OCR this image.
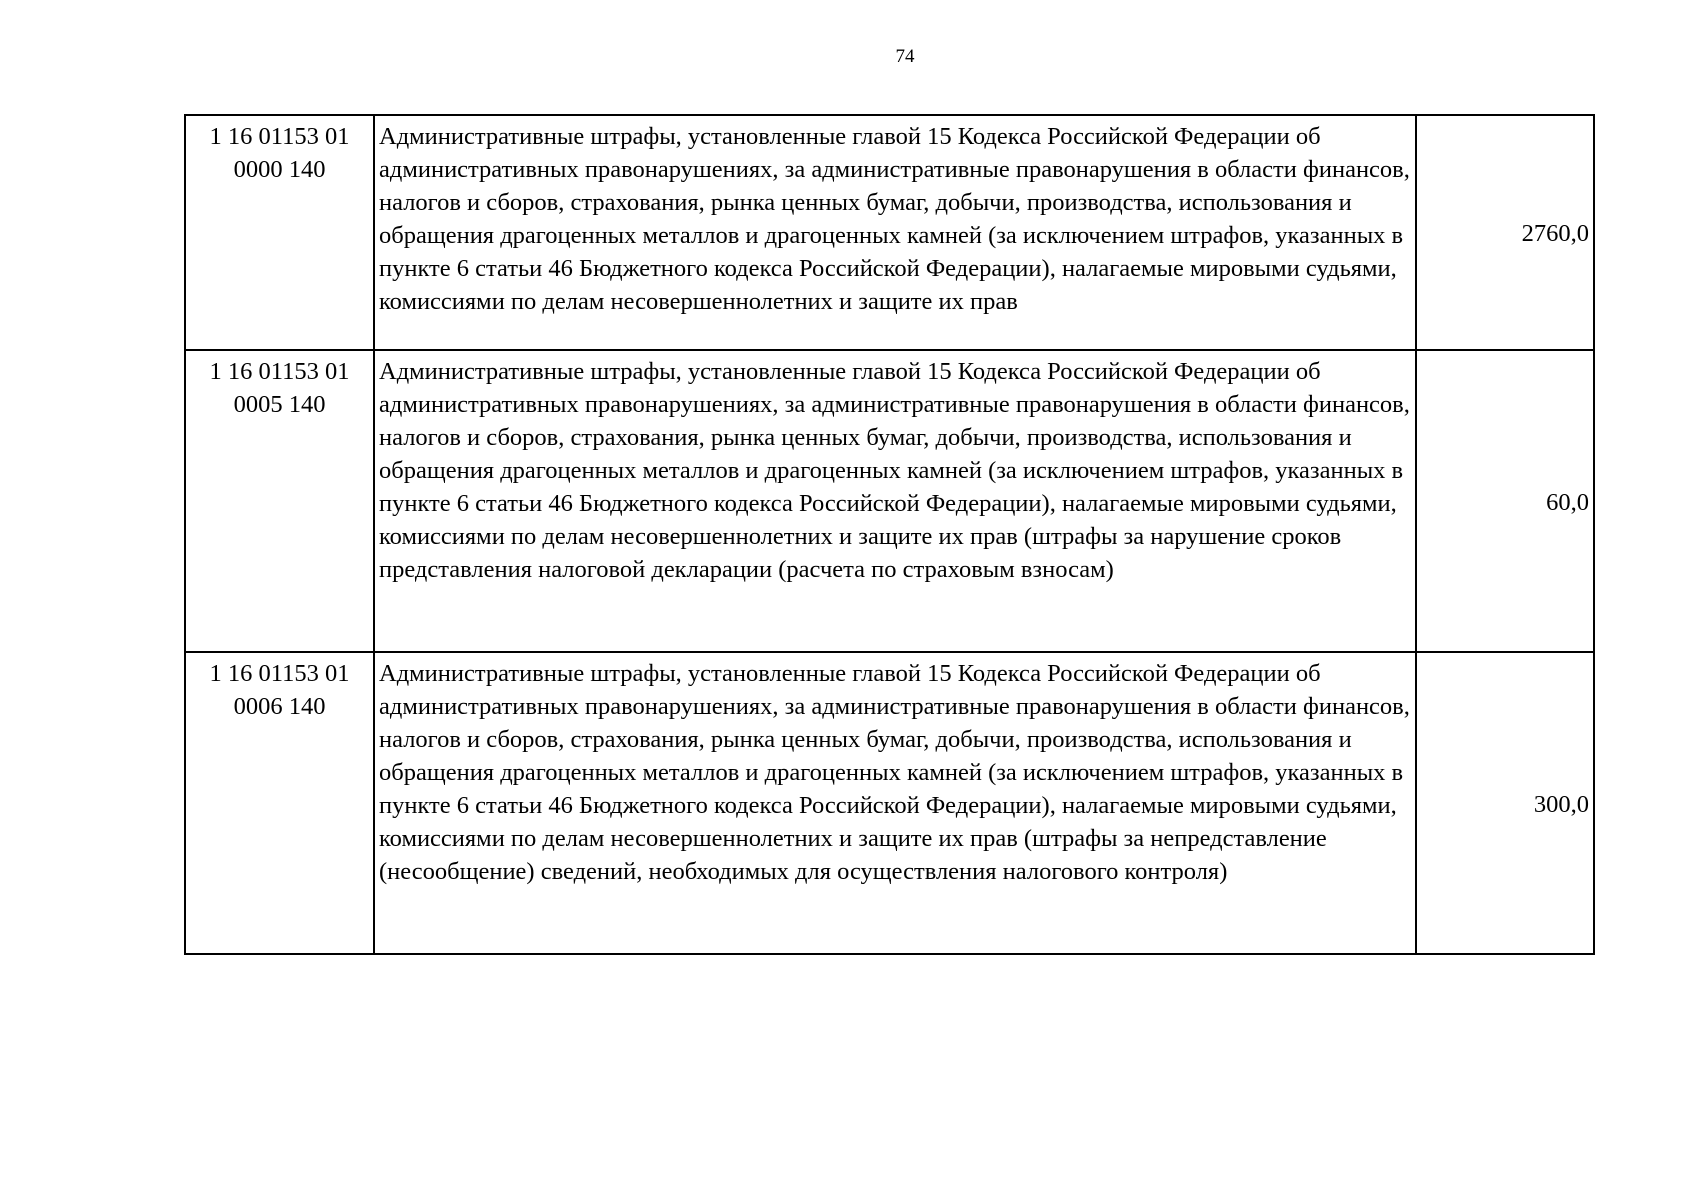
74
1 16 01153 01
0000 140	Административные штрафы, установленные главой 15 Кодекса Российской Федерации об административных правонарушениях, за административные правонарушения в области финансов, налогов и сборов, страхования, рынка ценных бумаг, добычи, производства, использования и обращения драгоценных металлов и драгоценных камней (за исключением штрафов, указанных в пункте 6 статьи 46 Бюджетного кодекса Российской Федерации), налагаемые мировыми судьями, комиссиями по делам несовершеннолетних и защите их прав	2760,0

1 16 01153 01
0005 140	Административные штрафы, установленные главой 15 Кодекса Российской Федерации об административных правонарушениях, за административные правонарушения в области финансов, налогов и сборов, страхования, рынка ценных бумаг, добычи, производства, использования и обращения драгоценных металлов и драгоценных камней (за исключением штрафов, указанных в пункте 6 статьи 46 Бюджетного кодекса Российской Федерации), налагаемые мировыми судьями, комиссиями по делам несовершеннолетних и защите их прав (штрафы за нарушение сроков представления налоговой декларации (расчета по страховым взносам)	60,0

1 16 01153 01
0006 140	Административные штрафы, установленные главой 15 Кодекса Российской Федерации об административных правонарушениях, за административные правонарушения в области финансов, налогов и сборов, страхования, рынка ценных бумаг, добычи, производства, использования и обращения драгоценных металлов и драгоценных камней (за исключением штрафов, указанных в пункте 6 статьи 46 Бюджетного кодекса Российской Федерации), налагаемые мировыми судьями, комиссиями по делам несовершеннолетних и защите их прав (штрафы за непредставление (несообщение) сведений, необходимых для осуществления налогового контроля)	300,0
